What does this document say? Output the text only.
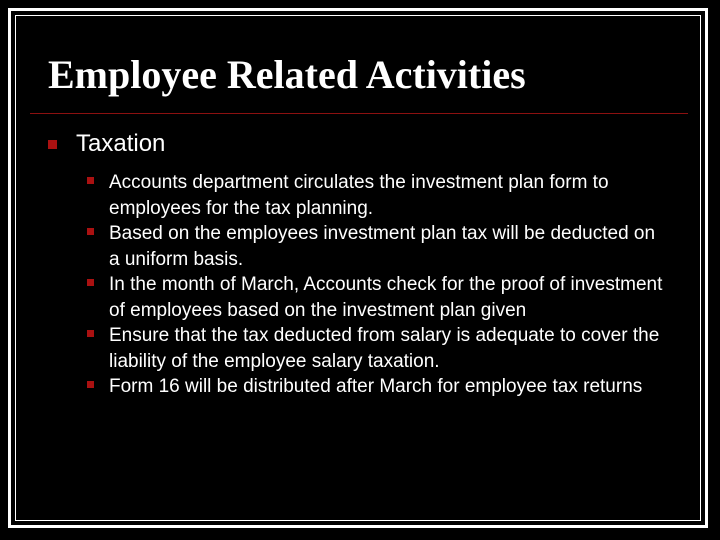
Employee Related Activities
Taxation
Accounts department circulates the investment plan form to employees for the tax planning.
Based on the employees investment plan tax will be deducted on a uniform basis.
In the month of March, Accounts check for the proof of investment of employees based on the investment plan given
Ensure that the tax deducted from salary is adequate to cover the liability of the employee salary taxation.
Form 16 will be distributed after March for employee tax returns
